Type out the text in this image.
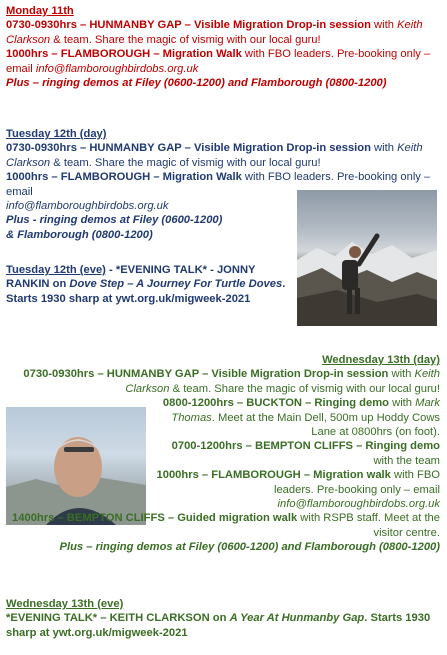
Monday 11th

0730-0930hrs – HUNMANBY GAP – Visible Migration Drop-in session with Keith Clarkson & team. Share the magic of vismig with our local guru!

1000hrs – FLAMBOROUGH – Migration Walk with FBO leaders. Pre-booking only – email info@flamboroughbirdobs.org.uk

Plus – ringing demos at Filey (0600-1200) and Flamborough (0800-1200)

Tuesday 12th (day)

0730-0930hrs – HUNMANBY GAP – Visible Migration Drop-in session with Keith Clarkson & team. Share the magic of vismig with our local guru!

1000hrs – FLAMBOROUGH – Migration Walk with FBO leaders. Pre-booking only – email

info@flamboroughbirdobs.org.uk

Plus - ringing demos at Filey (0600-1200) & Flamborough (0800-1200)

Tuesday 12th (eve) - *EVENING TALK* - JONNY RANKIN on Dove Step – A Journey For Turtle Doves. Starts 1930 sharp at ywt.org.uk/migweek-2021

Wednesday 13th (day)

0730-0930hrs – HUNMANBY GAP – Visible Migration Drop-in session with Keith Clarkson & team. Share the magic of vismig with our local guru!

0800-1200hrs – BUCKTON – Ringing demo with Mark Thomas. Meet at the Main Dell, 500m up Hoddy Cows Lane at 0800hrs (on foot).

0700-1200hrs – BEMPTON CLIFFS – Ringing demo with the team

1000hrs – FLAMBOROUGH – Migration walk with FBO leaders. Pre-booking only – email info@flamboroughbirdobs.org.uk

1400hrs – BEMPTON CLIFFS – Guided migration walk with RSPB staff. Meet at the visitor centre.

Plus – ringing demos at Filey (0600-1200) and Flamborough (0800-1200)

Wednesday 13th (eve)

*EVENING TALK* – KEITH CLARKSON on A Year At Hunmanby Gap. Starts 1930 sharp at ywt.org.uk/migweek-2021
